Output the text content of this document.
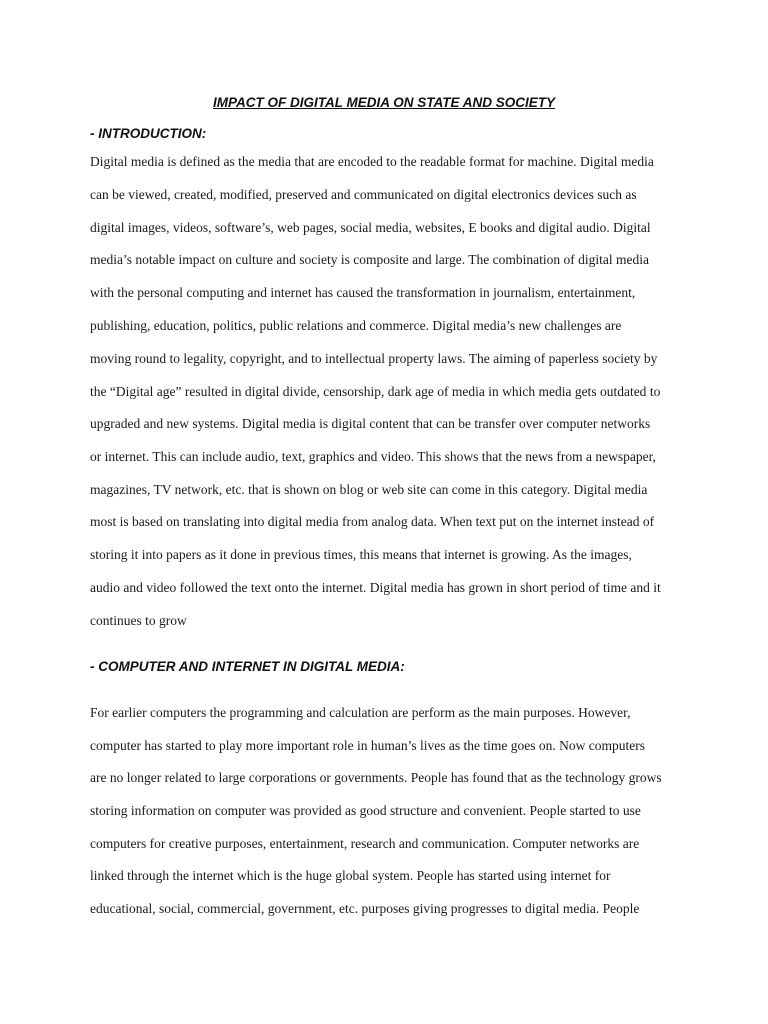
IMPACT OF DIGITAL MEDIA ON STATE AND SOCIETY
- INTRODUCTION:
Digital media is defined as the media that are encoded to the readable format for machine. Digital media
can be viewed, created, modified, preserved and communicated on digital electronics devices such as
digital images, videos, software’s, web pages, social media, websites, E books and digital audio. Digital
media’s notable impact on culture and society is composite and large. The combination of digital media
with the personal computing and internet has caused the transformation in journalism, entertainment,
publishing, education, politics, public relations and commerce. Digital media’s new challenges are
moving round to legality, copyright, and to intellectual property laws. The aiming of paperless society by
the “Digital age” resulted in digital divide, censorship, dark age of media in which media gets outdated to
upgraded and new systems. Digital media is digital content that can be transfer over computer networks
or internet. This can include audio, text, graphics and video. This shows that the news from a newspaper,
magazines, TV network, etc. that is shown on blog or web site can come in this category. Digital media
most is based on translating into digital media from analog data. When text put on the internet instead of
storing it into papers as it done in previous times, this means that internet is growing. As the images,
audio and video followed the text onto the internet. Digital media has grown in short period of time and it
continues to grow
- COMPUTER AND INTERNET IN DIGITAL MEDIA:
For earlier computers the programming and calculation are perform as the main purposes. However,
computer has started to play more important role in human’s lives as the time goes on. Now computers
are no longer related to large corporations or governments. People has found that as the technology grows
storing information on computer was provided as good structure and convenient. People started to use
computers for creative purposes, entertainment, research and communication. Computer networks are
linked through the internet which is the huge global system. People has started using internet for
educational, social, commercial, government, etc. purposes giving progresses to digital media. People
